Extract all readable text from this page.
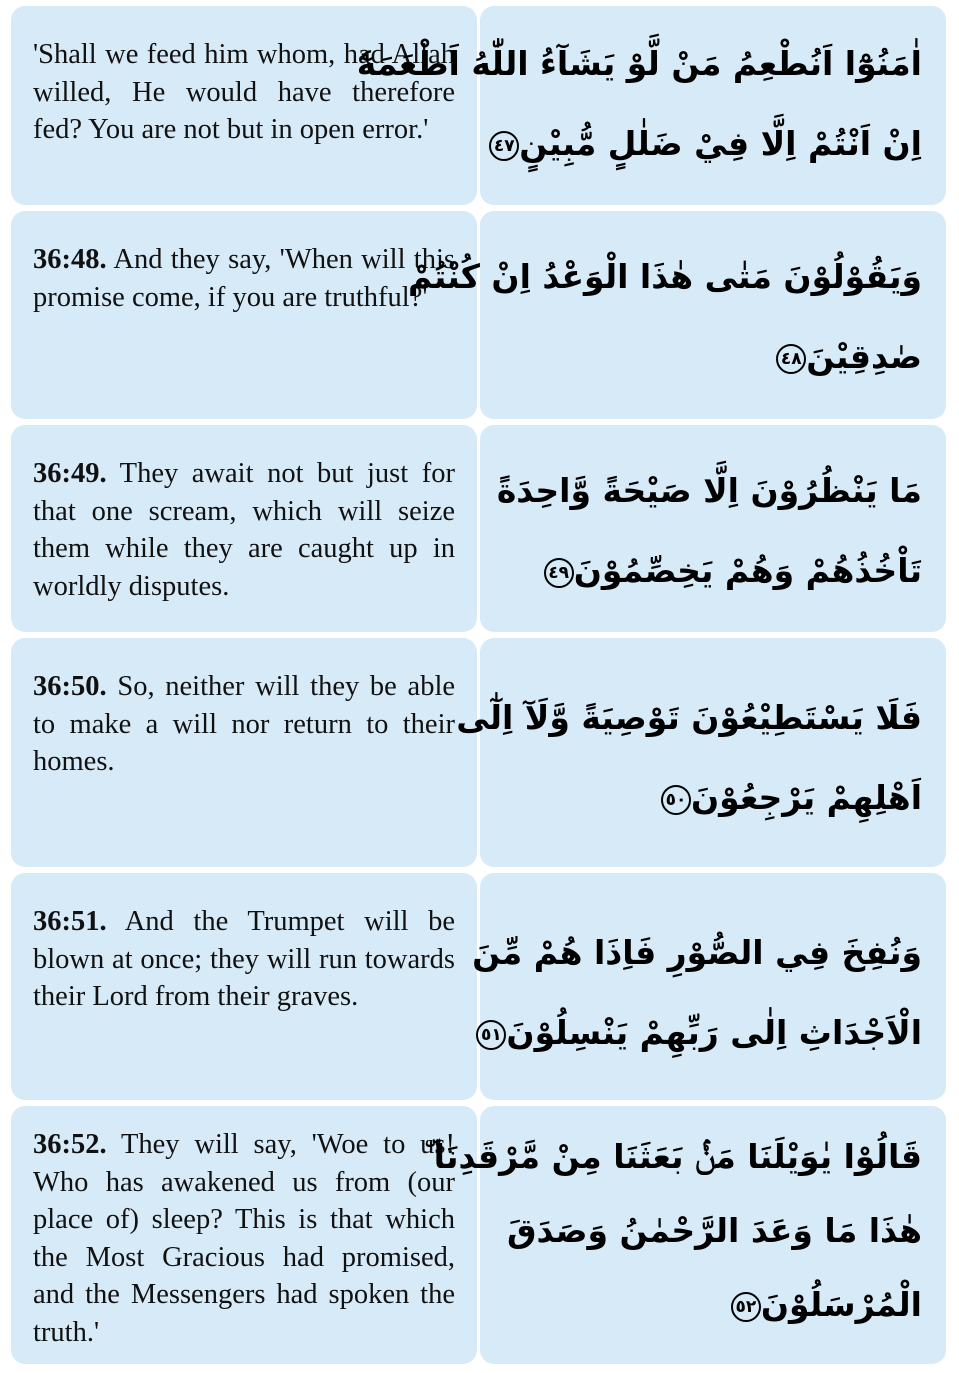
'Shall we feed him whom, had Allah willed, He would have therefore fed? You are not but in open error.'
اٰمَنُوْٓا اَنُطْعِمُ مَنْ لَّوْ يَشَآءُ اللّٰهُ اَطْعَمَهٗٓ
اِنْ اَنْتُمْ اِلَّا فِيْ ضَلٰلٍ مُّبِيْنٍ٤٧
36:48. And they say, 'When will this promise come, if you are truthful?'
وَيَقُوْلُوْنَ مَتٰى هٰذَا الْوَعْدُ اِنْ كُنْتُمْ
صٰدِقِيْنَ٤٨
36:49. They await not but just for that one scream, which will seize them while they are caught up in worldly disputes.
مَا يَنْظُرُوْنَ اِلَّا صَيْحَةً وَّاحِدَةً
تَاْخُذُهُمْ وَهُمْ يَخِصِّمُوْنَ٤٩
36:50. So, neither will they be able to make a will nor return to their homes.
فَلَا يَسْتَطِيْعُوْنَ تَوْصِيَةً وَّلَآ اِلٰٓى
اَهْلِهِمْ يَرْجِعُوْنَ٥٠
36:51. And the Trumpet will be blown at once; they will run towards their Lord from their graves.
وَنُفِخَ فِي الصُّوْرِ فَاِذَا هُمْ مِّنَ
الْاَجْدَاثِ اِلٰى رَبِّهِمْ يَنْسِلُوْنَ٥١
36:52. They will say, 'Woe to us! Who has awakened us from (our place of) sleep? This is that which the Most Gracious had promised, and the Messengers had spoken the truth.'
قَالُوْا يٰوَيْلَنَا مَنْۢ بَعَثَنَا مِنْ مَّرْقَدِنَا ۜ
هٰذَا مَا وَعَدَ الرَّحْمٰنُ وَصَدَقَ
الْمُرْسَلُوْنَ٥٢
